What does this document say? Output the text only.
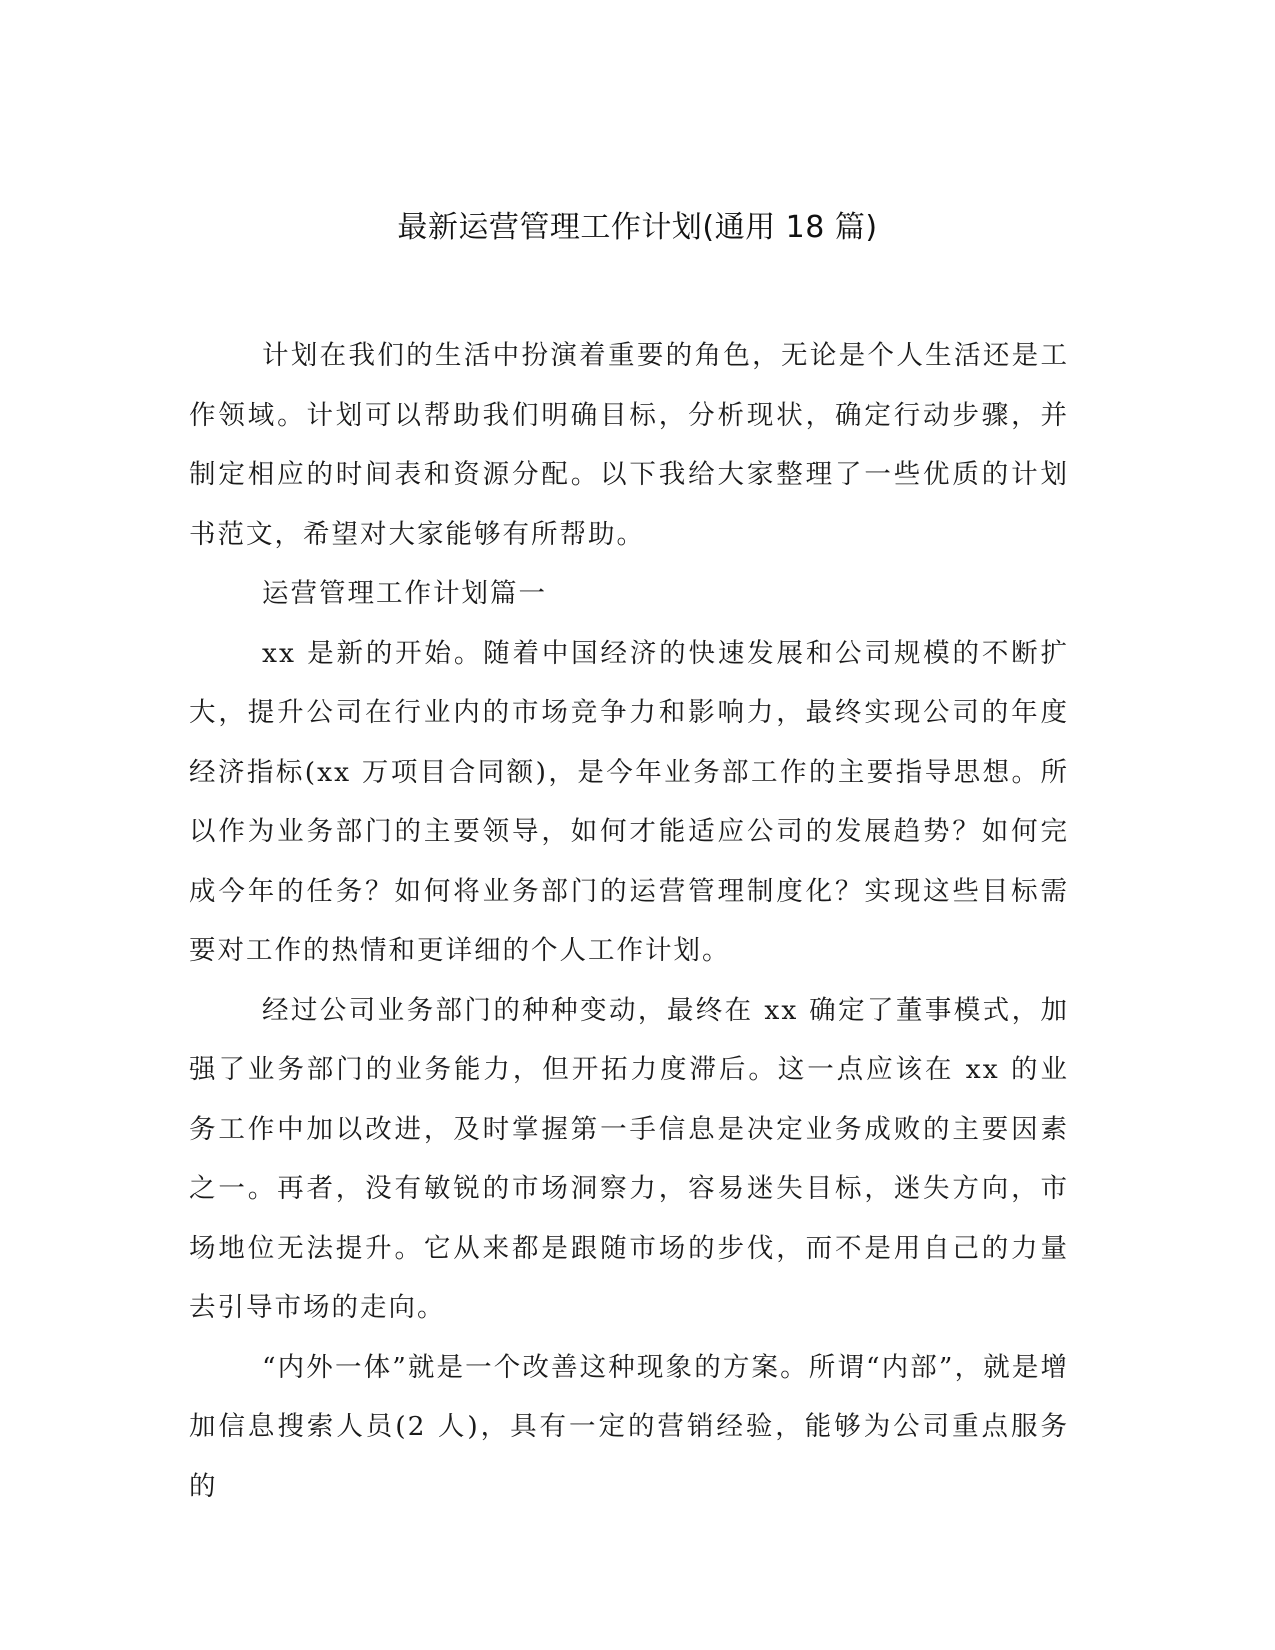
最新运营管理工作计划(通用 18 篇)

计划在我们的生活中扮演着重要的角色，无论是个人生活还是工作领域。计划可以帮助我们明确目标，分析现状，确定行动步骤，并制定相应的时间表和资源分配。以下我给大家整理了一些优质的计划书范文，希望对大家能够有所帮助。

运营管理工作计划篇一

xx 是新的开始。随着中国经济的快速发展和公司规模的不断扩大，提升公司在行业内的市场竞争力和影响力，最终实现公司的年度经济指标(xx 万项目合同额)，是今年业务部工作的主要指导思想。所以作为业务部门的主要领导，如何才能适应公司的发展趋势？如何完成今年的任务？如何将业务部门的运营管理制度化？实现这些目标需要对工作的热情和更详细的个人工作计划。

经过公司业务部门的种种变动，最终在 xx 确定了董事模式，加强了业务部门的业务能力，但开拓力度滞后。这一点应该在 xx 的业务工作中加以改进，及时掌握第一手信息是决定业务成败的主要因素之一。再者，没有敏锐的市场洞察力，容易迷失目标，迷失方向，市场地位无法提升。它从来都是跟随市场的步伐，而不是用自己的力量去引导市场的走向。

“内外一体”就是一个改善这种现象的方案。所谓“内部”，就是增加信息搜索人员(2 人)，具有一定的营销经验，能够为公司重点服务的
